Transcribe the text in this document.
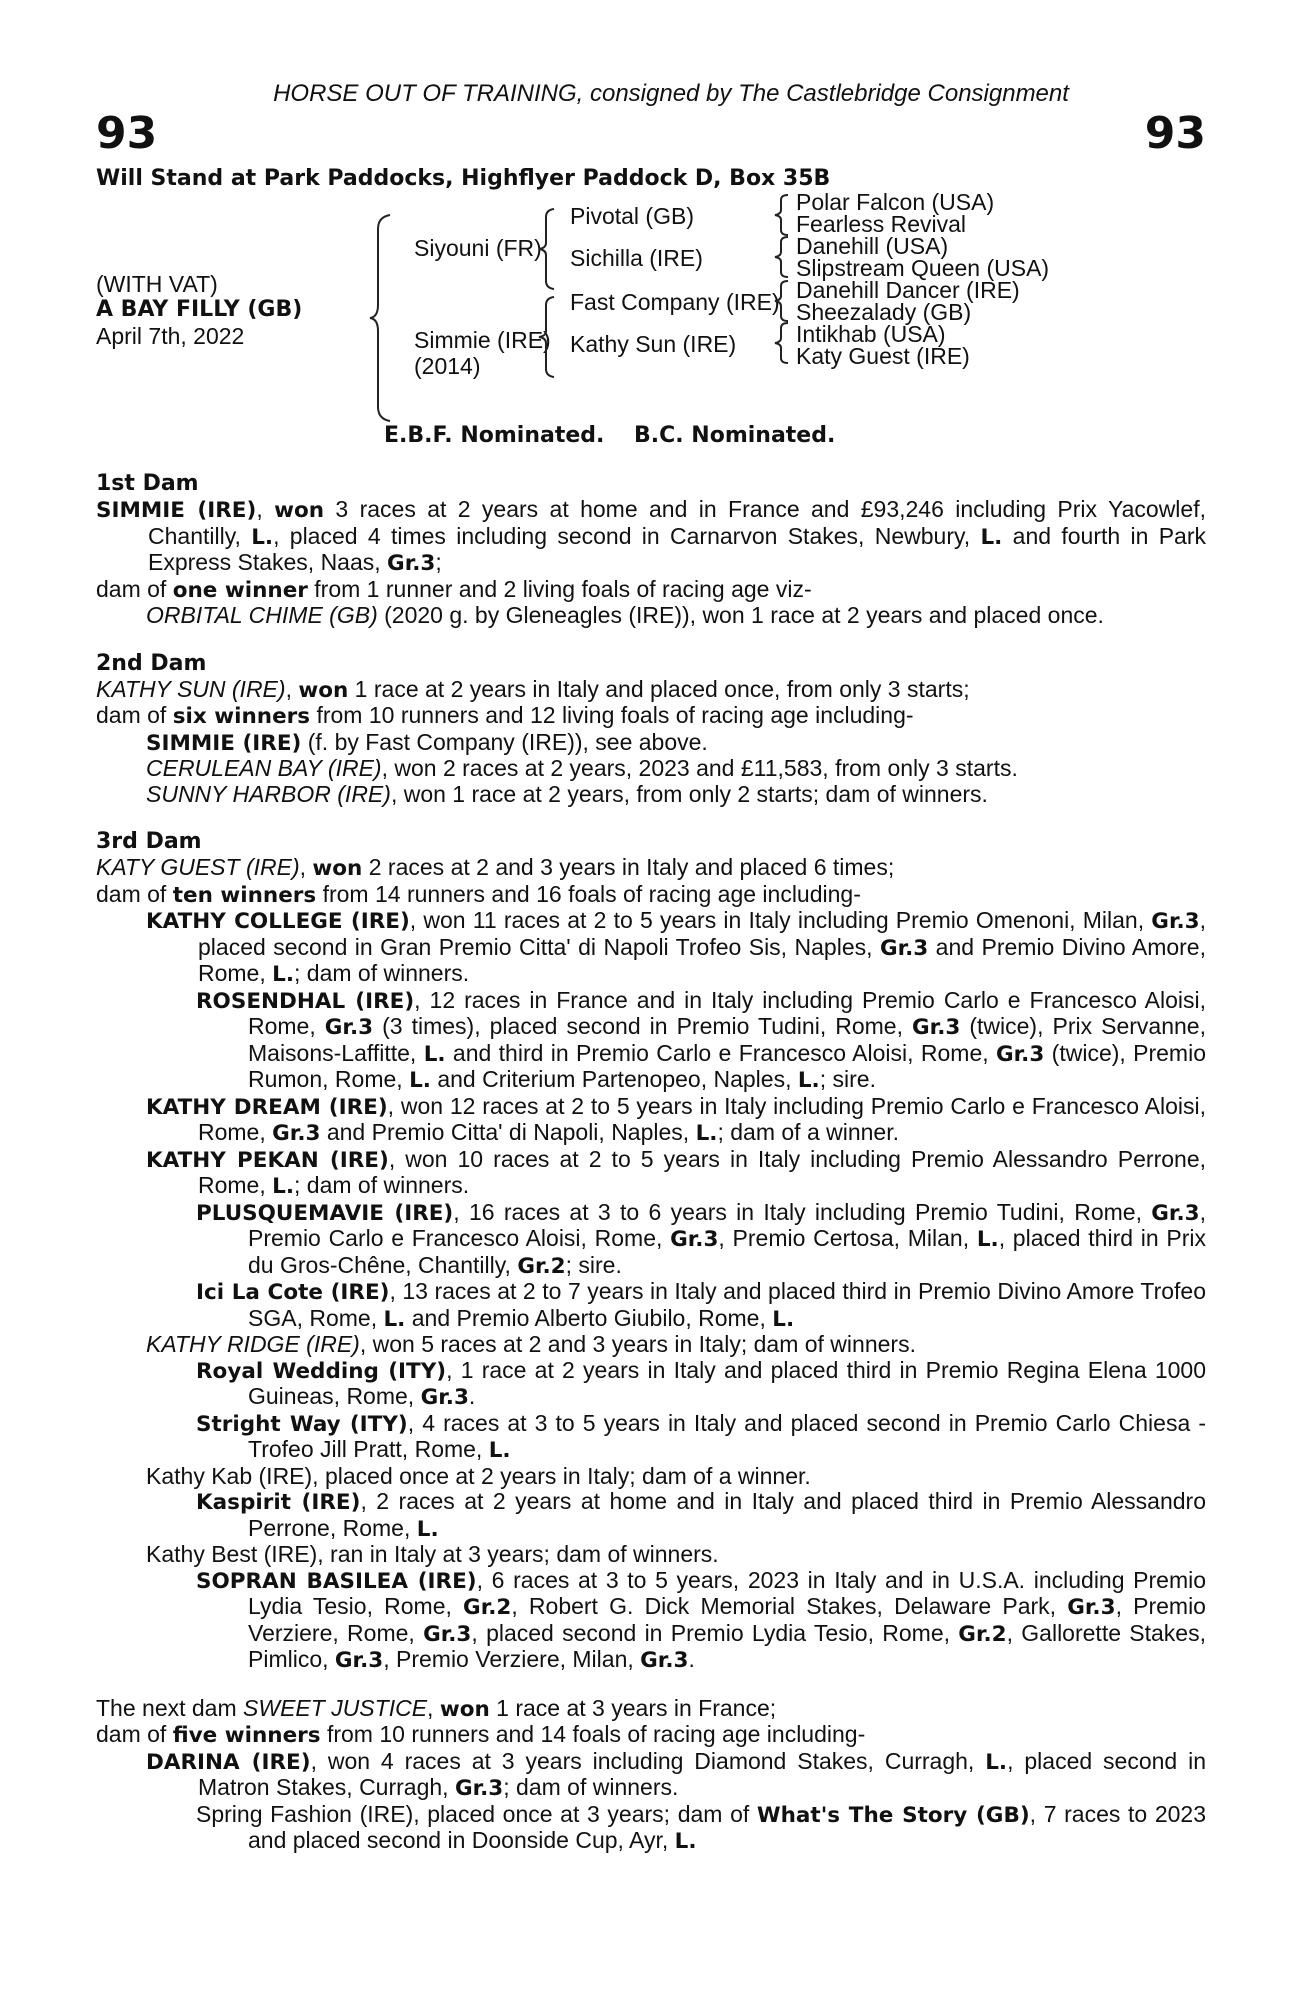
HORSE OUT OF TRAINING, consigned by The Castlebridge Consignment
93	93
Will Stand at Park Paddocks, Highflyer Paddock D, Box 35B
(WITH VAT)
A BAY FILLY (GB)
April 7th, 2022
Siyouni (FR)
Simmie (IRE)
(2014)
Pivotal (GB)
Sichilla (IRE)
Fast Company (IRE)
Kathy Sun (IRE)
Polar Falcon (USA)
Fearless Revival
Danehill (USA)
Slipstream Queen (USA)
Danehill Dancer (IRE)
Sheezalady (GB)
Intikhab (USA)
Katy Guest (IRE)
E.B.F. Nominated. B.C. Nominated.
1st Dam
SIMMIE (IRE), won 3 races at 2 years at home and in France and £93,246 including Prix Yacowlef, Chantilly, L., placed 4 times including second in Carnarvon Stakes, Newbury, L. and fourth in Park Express Stakes, Naas, Gr.3;
dam of one winner from 1 runner and 2 living foals of racing age viz-
ORBITAL CHIME (GB) (2020 g. by Gleneagles (IRE)), won 1 race at 2 years and placed once.
2nd Dam
KATHY SUN (IRE), won 1 race at 2 years in Italy and placed once, from only 3 starts;
dam of six winners from 10 runners and 12 living foals of racing age including-
SIMMIE (IRE) (f. by Fast Company (IRE)), see above.
CERULEAN BAY (IRE), won 2 races at 2 years, 2023 and £11,583, from only 3 starts.
SUNNY HARBOR (IRE), won 1 race at 2 years, from only 2 starts; dam of winners.
3rd Dam
KATY GUEST (IRE), won 2 races at 2 and 3 years in Italy and placed 6 times;
dam of ten winners from 14 runners and 16 foals of racing age including-
KATHY COLLEGE (IRE), won 11 races at 2 to 5 years in Italy including Premio Omenoni, Milan, Gr.3, placed second in Gran Premio Citta' di Napoli Trofeo Sis, Naples, Gr.3 and Premio Divino Amore, Rome, L.; dam of winners.
ROSENDHAL (IRE), 12 races in France and in Italy including Premio Carlo e Francesco Aloisi, Rome, Gr.3 (3 times), placed second in Premio Tudini, Rome, Gr.3 (twice), Prix Servanne, Maisons-Laffitte, L. and third in Premio Carlo e Francesco Aloisi, Rome, Gr.3 (twice), Premio Rumon, Rome, L. and Criterium Partenopeo, Naples, L.; sire.
KATHY DREAM (IRE), won 12 races at 2 to 5 years in Italy including Premio Carlo e Francesco Aloisi, Rome, Gr.3 and Premio Citta' di Napoli, Naples, L.; dam of a winner.
KATHY PEKAN (IRE), won 10 races at 2 to 5 years in Italy including Premio Alessandro Perrone, Rome, L.; dam of winners.
PLUSQUEMAVIE (IRE), 16 races at 3 to 6 years in Italy including Premio Tudini, Rome, Gr.3, Premio Carlo e Francesco Aloisi, Rome, Gr.3, Premio Certosa, Milan, L., placed third in Prix du Gros-Chêne, Chantilly, Gr.2; sire.
Ici La Cote (IRE), 13 races at 2 to 7 years in Italy and placed third in Premio Divino Amore Trofeo SGA, Rome, L. and Premio Alberto Giubilo, Rome, L.
KATHY RIDGE (IRE), won 5 races at 2 and 3 years in Italy; dam of winners.
Royal Wedding (ITY), 1 race at 2 years in Italy and placed third in Premio Regina Elena 1000 Guineas, Rome, Gr.3.
Stright Way (ITY), 4 races at 3 to 5 years in Italy and placed second in Premio Carlo Chiesa - Trofeo Jill Pratt, Rome, L.
Kathy Kab (IRE), placed once at 2 years in Italy; dam of a winner.
Kaspirit (IRE), 2 races at 2 years at home and in Italy and placed third in Premio Alessandro Perrone, Rome, L.
Kathy Best (IRE), ran in Italy at 3 years; dam of winners.
SOPRAN BASILEA (IRE), 6 races at 3 to 5 years, 2023 in Italy and in U.S.A. including Premio Lydia Tesio, Rome, Gr.2, Robert G. Dick Memorial Stakes, Delaware Park, Gr.3, Premio Verziere, Rome, Gr.3, placed second in Premio Lydia Tesio, Rome, Gr.2, Gallorette Stakes, Pimlico, Gr.3, Premio Verziere, Milan, Gr.3.
The next dam SWEET JUSTICE, won 1 race at 3 years in France;
dam of five winners from 10 runners and 14 foals of racing age including-
DARINA (IRE), won 4 races at 3 years including Diamond Stakes, Curragh, L., placed second in Matron Stakes, Curragh, Gr.3; dam of winners.
Spring Fashion (IRE), placed once at 3 years; dam of What's The Story (GB), 7 races to 2023 and placed second in Doonside Cup, Ayr, L.
